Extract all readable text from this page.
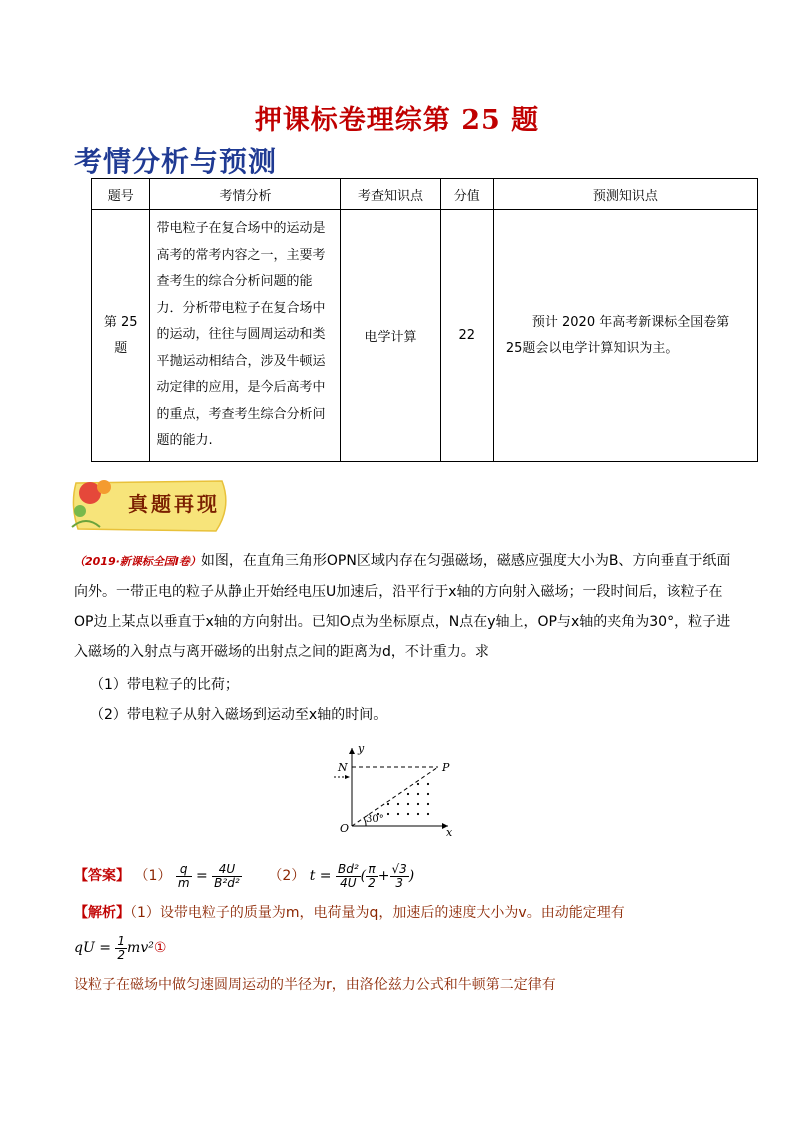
押课标卷理综第 25 题
考情分析与预测
题号	考情分析	考查知识点	分值	预测知识点
第 25 题	带电粒子在复合场中的运动是高考的常考内容之一，主要考查考生的综合分析问题的能力．分析带电粒子在复合场中的运动，往往与圆周运动和类平抛运动相结合，涉及牛顿运动定律的应用，是今后高考中的重点，考查考生综合分析问题的能力.	电学计算	22	预计 2020 年高考新课标全国卷第 25题会以电学计算知识为主。
真题再现
（2019·新课标全国Ⅰ卷）如图，在直角三角形OPN区域内存在匀强磁场，磁感应强度大小为B、方向垂直于纸面向外。一带正电的粒子从静止开始经电压U加速后，沿平行于x轴的方向射入磁场；一段时间后，该粒子在OP边上某点以垂直于x轴的方向射出。已知O点为坐标原点，N点在y轴上，OP与x轴的夹角为30°，粒子进入磁场的入射点与离开磁场的出射点之间的距离为d，不计重力。求
（1）带电粒子的比荷；
（2）带电粒子从射入磁场到运动至x轴的时间。
y
x
N	P
O
30°
【答案】 $(1) \frac{q}{m} = \frac{4U}{\text{B²d²}} (2) t = \frac{\text{Bd²}}{4U}$ ( $\frac{\pi}{2} + \frac{√3}{3}$ )
【解析】（1）设带电粒子的质量为m，电荷量为q，加速后的速度大小为v。由动能定理有
qU = $\frac{1}{2}$ mv²①
设粒子在磁场中做匀速圆周运动的半径为r，由洛伦兹力公式和牛顿第二定律有
